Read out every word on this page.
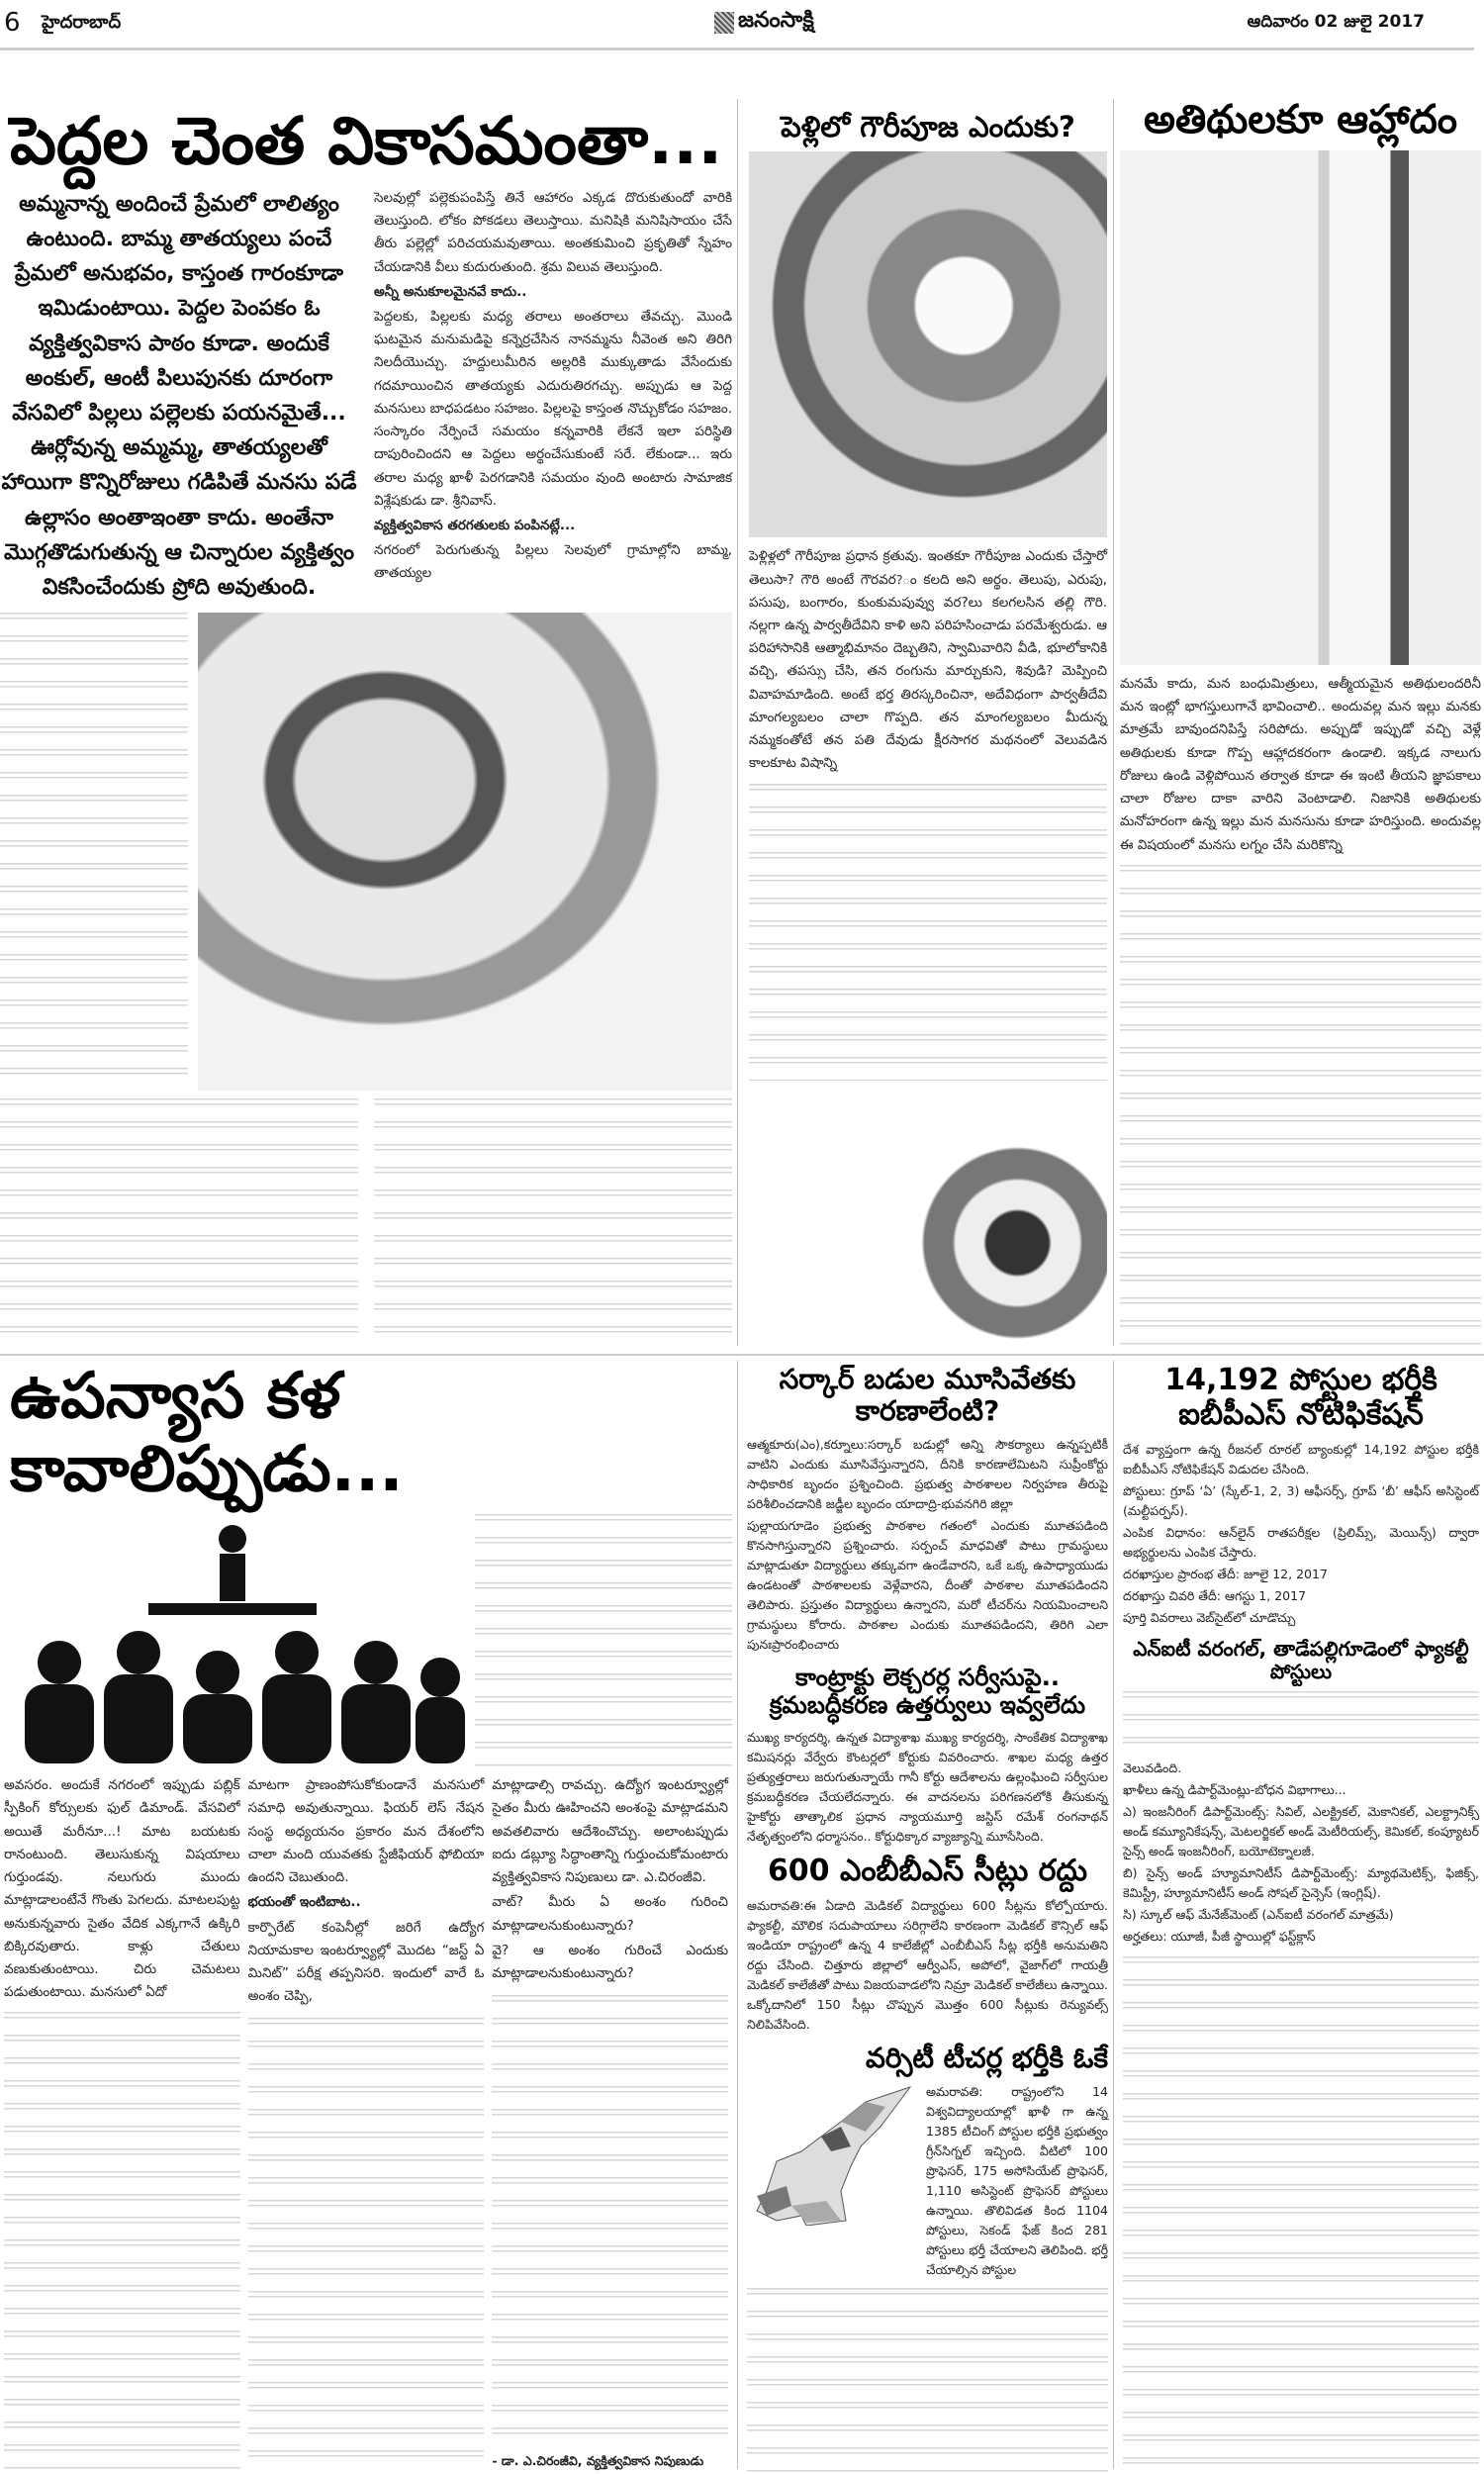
6 హైదరాబాద్	జనంసాక్షి	ఆదివారం 02 జులై 2017
పెద్దల చెంత వికాసమంతా...
అమ్మనాన్న అందించే ప్రేమలో లాలిత్యం ఉంటుంది. బామ్మ తాతయ్యలు పంచే ప్రేమలో అనుభవం, కాస్తంత గారంకూడా ఇమిడుంటాయి. పెద్దల పెంపకం ఓ వ్యక్తిత్వవికాస పాఠం కూడా. అందుకే అంకుల్, ఆంటీ పిలుపునకు దూరంగా వేసవిలో పిల్లలు పల్లెలకు పయనమైతే... ఊర్లోవున్న అమ్మమ్మ, తాతయ్యలతో హాయిగా కొన్నిరోజులు గడిపితే మనసు పడే ఉల్లాసం అంతాఇంతా కాదు. అంతేనా మొగ్గతొడుగుతున్న ఆ చిన్నారుల వ్యక్తిత్వం వికసించేందుకు ప్రోది అవుతుంది.

సెలవుల్లో పల్లెకుపంపిస్తే తినే ఆహారం ఎక్కడ దొరుకుతుందో వారికి తెలుస్తుంది. లోకం పోకడలు తెలుస్తాయి. మనిషికి మనిషిసాయం చేసే తీరు పల్లెల్లో పరిచయమవుతాయి. అంతకుమించి ప్రకృతితో స్నేహం చేయడానికి వీలు కుదురుతుంది. శ్రమ విలువ తెలుస్తుంది.

అన్నీ అనుకూలమైనవే కాదు..

పెద్దలకు, పిల్లలకు మధ్య తరాలు అంతరాలు తేవచ్చు. మొండి ఘటమైన మనుమడిపై కన్నెర్రచేసిన నానమ్మను నీవెంత అని తిరిగి నిలదీయొచ్చు. హద్దులుమీరిన అల్లరికి ముక్కుతాడు వేసేందుకు గదమాయించిన తాతయ్యకు ఎదురుతిరగచ్చు. అప్పుడు ఆ పెద్ద మనసులు బాధపడటం సహజం. పిల్లలపై కాస్తంత నొచ్చుకోడం సహజం. సంస్కారం నేర్పించే సమయం కన్నవారికి లేకనే ఇలా పరిస్థితి దాపురించిందని ఆ పెద్దలు అర్థంచేసుకుంటే సరే. లేకుండా... ఇరు తరాల మధ్య ఖాళీ పెరగడానికి సమయం వుంది అంటారు సామాజిక విశ్లేషకుడు డా. శ్రీనివాస్.

వ్యక్తిత్వవికాస తరగతులకు పంపినట్లే...

నగరంలో పెరుగుతున్న పిల్లలు సెలవులో గ్రామాల్లోని బామ్మ, తాతయ్యల

పెళ్లిలో గౌరీపూజ ఎందుకు?
పెళ్లిళ్లలో గౌరీపూజ ప్రధాన క్రతువు. ఇంతకూ గౌరీపూజ ఎందుకు చేస్తారో తెలుసా? గౌరి అంటే గౌరవర?ం కలది అని అర్థం. తెలుపు, ఎరుపు, పసుపు, బంగారం, కుంకుమపువ్వు వర?లు కలగలసిన తల్లి గౌరి. నల్లగా ఉన్న పార్వతీదేవిని కాళి అని పరిహసించాడు పరమేశ్వరుడు. ఆ పరిహాసానికి ఆత్మాభిమానం దెబ్బతిని, స్వామివారిని వీడి, భూలోకానికి వచ్చి, తపస్సు చేసి, తన రంగును మార్చుకుని, శివుడి? మెప్పించి వివాహమాడింది. అంటే భర్త తిరస్కరించినా, అదేవిధంగా పార్వతీదేవి మాంగల్యబలం చాలా గొప్పది. తన మాంగల్యబలం మీదున్న నమ్మకంతోటే తన పతి దేవుడు క్షీరసాగర మథనంలో వెలువడిన కాలకూట విషాన్ని
అతిథులకూ ఆహ్లాదం
మనమే కాదు, మన బంధుమిత్రులు, ఆత్మీయమైన అతిథులందరినీ మన ఇంట్లో భాగస్తులుగానే భావించాలి.. అందువల్ల మన ఇల్లు మనకు మాత్రమే బావుందనిపిస్తే సరిపోదు. అప్పుడో ఇప్పుడో వచ్చి వెళ్లే అతిథులకు కూడా గొప్ప ఆహ్లాదకరంగా ఉండాలి. ఇక్కడ నాలుగు రోజులు ఉండి వెళ్లిపోయిన తర్వాత కూడా ఈ ఇంటి తీయని జ్ఞాపకాలు చాలా రోజుల దాకా వారిని వెంటాడాలి. నిజానికి అతిథులకు మనోహరంగా ఉన్న ఇల్లు మన మనసును కూడా హరిస్తుంది. అందువల్ల ఈ విషయంలో మనసు లగ్నం చేసి మరికొన్ని
ఉపన్యాస కళ కావాలిప్పుడు...
అవసరం. అందుకే నగరంలో ఇప్పుడు పబ్లిక్ స్పీకింగ్ కోర్సులకు ఫుల్ డిమాండ్. వేసవిలో అయితే మరీనూ...! మాట బయటకు రానంటుంది. తెలుసుకున్న విషయాలు గుర్తుండవు. నలుగురు ముందు మాట్లాడాలంటేనే గొంతు పెగలదు. మాటలపుట్ట అనుకున్నవారు సైతం వేదిక ఎక్కగానే ఉక్కిరి బిక్కిరవుతారు. కాళ్లు చేతులు వణుకుతుంటాయి. చిరు చెమటలు పడుతుంటాయి. మనసులో ఏదో

మాటగా ప్రాణంపోసుకోకుండానే మనసులో సమాధి అవుతున్నాయి. ఫియర్ లెస్ నేషన సంస్థ అధ్యయనం ప్రకారం మన దేశంలోని చాలా మంది యువతకు స్టేజీఫియర్ ఫోబియా ఉందని చెబుతుంది.

భయంతో ఇంటిబాట..

కార్పొరేట్ కంపెనీల్లో జరిగే ఉద్యోగ నియామకాల ఇంటర్వ్యూల్లో మొదట “జస్ట్ ఏ మినిట్” పరీక్ష తప్పనిసరి. ఇందులో వారే ఓ అంశం చెప్పి,

మాట్లాడాల్సి రావచ్చు. ఉద్యోగ ఇంటర్వ్యూల్లో సైతం మీరు ఊహించని అంశంపై మాట్లాడమని అవతలివారు ఆదేశించొచ్చు. అలాంటప్పుడు ఐదు డబ్ల్యూ సిద్ధాంతాన్ని గుర్తుంచుకోమంటారు వ్యక్తిత్వవికాస నిపుణులు డా. ఎ.చిరంజీవి.

వాట్? మీరు ఏ అంశం గురించి మాట్లాడాలనుకుంటున్నారు?

వై? ఆ అంశం గురించే ఎందుకు మాట్లాడాలనుకుంటున్నారు?

- డా. ఎ.చిరంజీవి, వ్యక్తిత్వవికాస నిపుణుడు
సర్కార్ బడుల మూసివేతకు కారణాలేంటి?

ఆత్మకూరు(ఎం),కర్నూలు:సర్కార్ బడుల్లో అన్ని సౌకర్యాలు ఉన్నప్పటికీ వాటిని ఎందుకు మూసివేస్తున్నారని, దీనికి కారణాలేమిటని సుప్రీంకోర్టు సాధికారిక బృందం ప్రశ్నించింది. ప్రభుత్వ పాఠశాలల నిర్వహణ తీరుపై పరిశీలించడానికి జడ్జీల బృందం యాదాద్రి-భువనగిరి జిల్లా

పుల్లాయగూడెం ప్రభుత్వ పాఠశాల గతంలో ఎందుకు మూతపడింది కొనసాగిస్తున్నారని ప్రశ్నించారు. సర్పంచ్ మాధవితో పాటు గ్రామస్థులు మాట్లాడుతూ విద్యార్థులు తక్కువగా ఉండేవారని, ఒకే ఒక్క ఉపాధ్యాయుడు ఉండటంతో పాఠశాలలకు వెళ్లేవారని, దీంతో పాఠశాల మూతపడిందని తెలిపారు. ప్రస్తుతం విద్యార్థులు ఉన్నారని, మరో టీచర్‌ను నియమించాలని గ్రామస్థులు కోరారు. పాఠశాల ఎందుకు మూతపడిందని, తిరిగి ఎలా పునఃప్రారంభించారు

కాంట్రాక్టు లెక్చరర్ల సర్వీసుపై..
క్రమబద్ధీకరణ ఉత్తర్వులు ఇవ్వలేదు
ముఖ్య కార్యదర్శి, ఉన్నత విద్యాశాఖ ముఖ్య కార్యదర్శి, సాంకేతిక విద్యాశాఖ కమిషనర్లు వేర్వేరు కౌంటర్లలో కోర్టుకు వివరించారు. శాఖల మధ్య ఉత్తర ప్రత్యుత్తరాలు జరుగుతున్నాయే గానీ కోర్టు ఆదేశాలను ఉల్లంఘించి సర్వీసుల క్రమబద్ధీకరణ చేయలేదన్నారు. ఈ వాదనలను పరిగణనలోకి తీసుకున్న హైకోర్టు తాత్కాలిక ప్రధాన న్యాయమూర్తి జస్టిస్ రమేశ్ రంగనాథన్ నేతృత్వంలోని ధర్మాసనం.. కోర్టుధిక్కార వ్యాజ్యాన్ని మూసేసింది.
600 ఎంబీబీఎస్ సీట్లు రద్దు
అమరావతి:ఈ ఏడాది మెడికల్ విద్యార్థులు 600 సీట్లను కోల్పోయారు. ఫ్యాకల్టీ, మౌలిక సదుపాయాలు సరిగ్గాలేని కారణంగా మెడికల్ కౌన్సిల్ ఆఫ్ ఇండియా రాష్ట్రంలో ఉన్న 4 కాలేజీల్లో ఎంబీబీఎస్ సీట్ల భర్తీకి అనుమతిని రద్దు చేసింది. చిత్తూరు జిల్లాలో ఆర్వీఎస్, అపోలో, వైజాగ్‌లో గాయత్రీ మెడికల్ కాలేజీతో పాటు విజయవాడలోని నిమ్రా మెడికల్ కాలేజీలు ఉన్నాయి. ఒక్కోదానిలో 150 సీట్లు చొప్పున మొత్తం 600 సీట్లుకు రెన్యువల్స్ నిలిపివేసింది.
వర్సిటీ టీచర్ల భర్తీకి ఓకే
అమరావతి: రాష్ట్రంలోని 14 విశ్వవిద్యాలయాల్లో ఖాళీ గా ఉన్న 1385 టీచింగ్ పోస్టుల భర్తీకి ప్రభుత్వం గ్రీన్‌సిగ్నల్ ఇచ్చింది. వీటిలో 100 ప్రొఫెసర్, 175 అసోసియేట్ ప్రొఫెసర్, 1,110 అసిస్టెంట్ ప్రొఫెసర్ పోస్టులు ఉన్నాయి. తొలివిడత కింద 1104 పోస్టులు, సెకండ్ ఫేజ్ కింద 281 పోస్టులు భర్తీ చేయాలని తెలిపింది. భర్తీ చేయాల్సిన పోస్టుల
14,192 పోస్టుల భర్తీకి ఐబీపీఎస్ నోటిఫికేషన్

దేశ వ్యాప్తంగా ఉన్న రీజనల్ రూరల్ బ్యాంకుల్లో 14,192 పోస్టుల భర్తీకి ఐబీపీఎస్ నోటిఫికేషన్ విడుదల చేసింది.

పోస్టులు: గ్రూప్ ‘ఏ’ (స్కేల్-1, 2, 3) ఆఫీసర్స్, గ్రూప్ ‘బీ’ ఆఫీస్ అసిస్టెంట్ (మల్టీపర్పస్).

ఎంపిక విధానం: ఆన్‌లైన్ రాతపరీక్షల (ప్రిలిమ్స్, మెయిన్స్) ద్వారా అభ్యర్థులను ఎంపిక చేస్తారు.

దరఖాస్తుల ప్రారంభ తేదీ: జూలై 12, 2017

దరఖాస్తు చివరి తేదీ: ఆగస్టు 1, 2017

పూర్తి వివరాలు వెబ్‌సైట్‌లో చూడొచ్చు

ఎన్ఐటీ వరంగల్, తాడేపల్లిగూడెంలో ఫ్యాకల్టీ పోస్టులు

వెలువడింది.

ఖాళీలు ఉన్న డిపార్ట్‌మెంట్లు-బోధన విభాగాలు...

ఎ) ఇంజనీరింగ్ డిపార్ట్‌మెంట్స్: సివిల్, ఎలక్ట్రికల్, మెకానికల్, ఎలక్ట్రానిక్స్ అండ్ కమ్యూనికేషన్స్, మెటలర్జికల్ అండ్ మెటీరియల్స్, కెమికల్, కంప్యూటర్ సైన్స్ అండ్ ఇంజనీరింగ్, బయోటెక్నాలజీ.

బి) సైన్స్ అండ్ హ్యూమానిటీస్ డిపార్ట్‌మెంట్స్: మ్యాథమెటిక్స్, ఫిజిక్స్, కెమిస్ట్రీ, హ్యూమానిటీస్ అండ్ సోషల్ సైన్సెస్ (ఇంగ్లిష్).

సి) స్కూల్ ఆఫ్ మేనేజ్‌మెంట్ (ఎన్ఐటీ వరంగల్ మాత్రమే)

అర్హతలు: యూజీ, పీజీ స్థాయిల్లో ఫస్ట్‌క్లాస్
